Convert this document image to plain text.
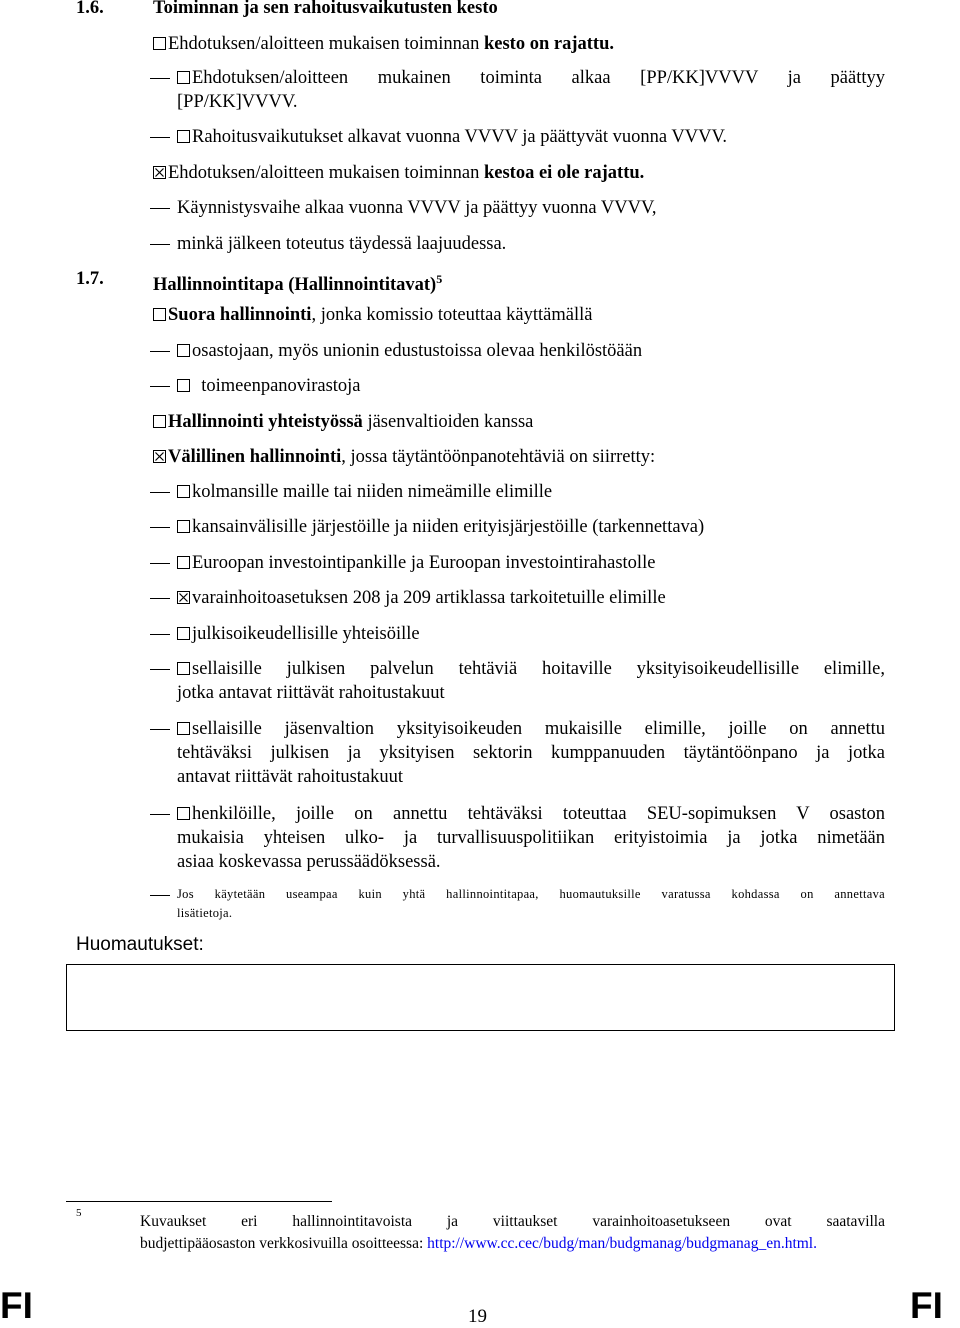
1.6.	Toiminnan ja sen rahoitusvaikutusten kesto
Ehdotuksen/aloitteen mukaisen toiminnan kesto on rajattu.
Ehdotuksen/aloitteen mukainen toiminta alkaa [PP/KK]VVVV ja päättyy
[PP/KK]VVVV.
Rahoitusvaikutukset alkavat vuonna VVVV ja päättyvät vuonna VVVV.
Ehdotuksen/aloitteen mukaisen toiminnan kestoa ei ole rajattu.
Käynnistysvaihe alkaa vuonna VVVV ja päättyy vuonna VVVV,
minkä jälkeen toteutus täydessä laajuudessa.
1.7.	Hallinnointitapa (Hallinnointitavat)$^5$
Suora hallinnointi, jonka komissio toteuttaa käyttämällä
osastojaan, myös unionin edustustoissa olevaa henkilöstöään
toimeenpanovirastoja
Hallinnointi yhteistyössä jäsenvaltioiden kanssa
Välillinen hallinnointi, jossa täytäntöönpanotehtäviä on siirretty:
kolmansille maille tai niiden nimeämille elimille
kansainvälisille järjestöille ja niiden erityisjärjestöille (tarkennettava)
Euroopan investointipankille ja Euroopan investointirahastolle
varainhoitoasetuksen 208 ja 209 artiklassa tarkoitetuille elimille
julkisoikeudellisille yhteisöille
sellaisille julkisen palvelun tehtäviä hoitaville yksityisoikeudellisille elimille,
jotka antavat riittävät rahoitustakuut
sellaisille jäsenvaltion yksityisoikeuden mukaisille elimille, joille on annettu
tehtäväksi julkisen ja yksityisen sektorin kumppanuuden täytäntöönpano ja jotka
antavat riittävät rahoitustakuut
henkilöille, joille on annettu tehtäväksi toteuttaa SEU-sopimuksen V osaston
mukaisia yhteisen ulko- ja turvallisuuspolitiikan erityistoimia ja jotka nimetään
asiaa koskevassa perussäädöksessä.
Jos käytetään useampaa kuin yhtä hallinnointitapaa, huomautuksille varatussa kohdassa on annettava
lisätietoja.
Huomautukset:
5	Kuvaukset eri hallinnointitavoista ja viittaukset varainhoitoasetukseen ovat saatavilla
budjettipääosaston verkkosivuilla osoitteessa: http://www.cc.cec/budg/man/budgmanag/budgmanag_en.html.
FI	19	FI
